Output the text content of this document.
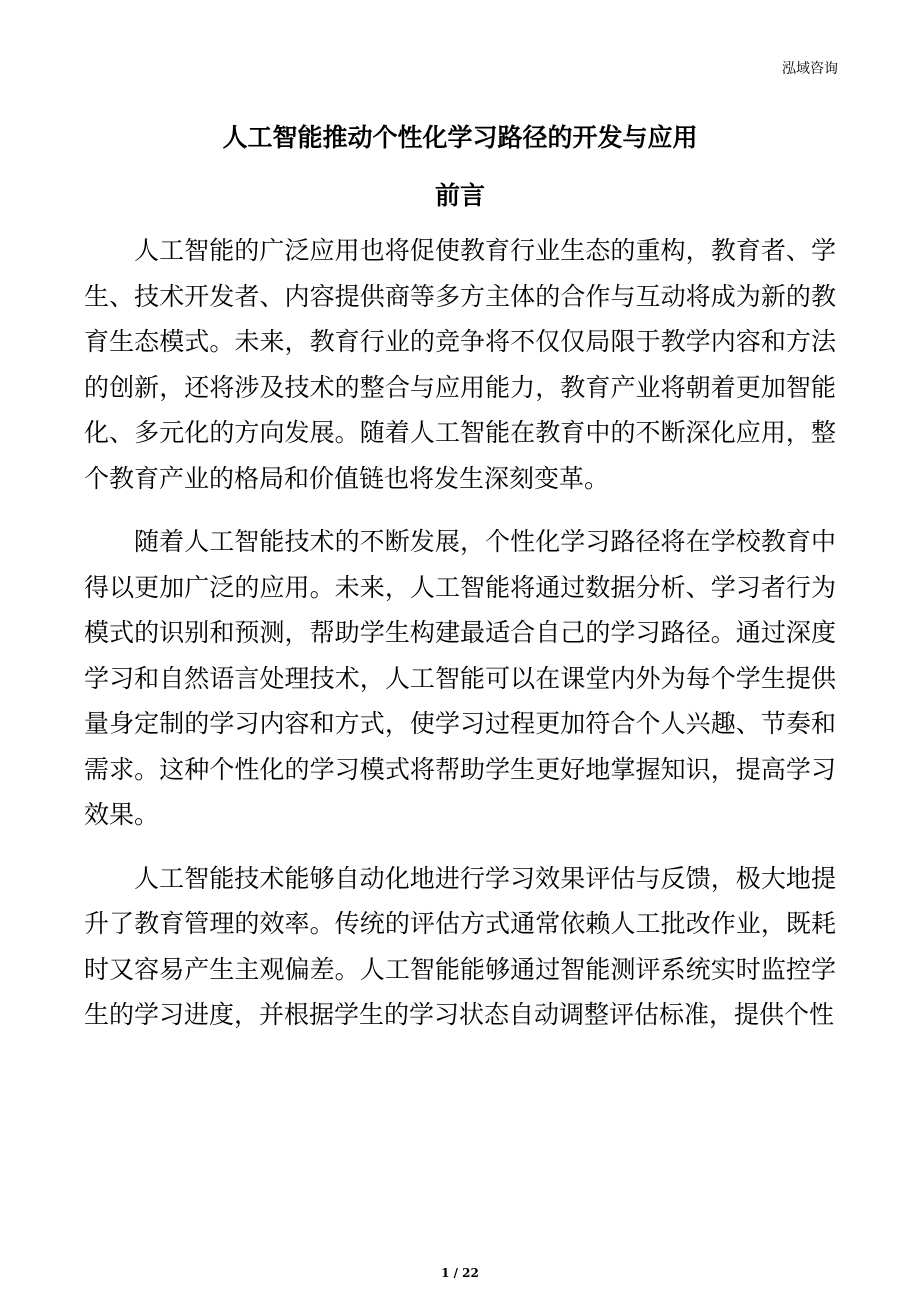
泓域咨询
人工智能推动个性化学习路径的开发与应用
前言

人工智能的广泛应用也将促使教育行业生态的重构，教育者、学生、技术开发者、内容提供商等多方主体的合作与互动将成为新的教育生态模式。未来，教育行业的竞争将不仅仅局限于教学内容和方法的创新，还将涉及技术的整合与应用能力，教育产业将朝着更加智能化、多元化的方向发展。随着人工智能在教育中的不断深化应用，整个教育产业的格局和价值链也将发生深刻变革。

随着人工智能技术的不断发展，个性化学习路径将在学校教育中得以更加广泛的应用。未来，人工智能将通过数据分析、学习者行为模式的识别和预测，帮助学生构建最适合自己的学习路径。通过深度学习和自然语言处理技术，人工智能可以在课堂内外为每个学生提供量身定制的学习内容和方式，使学习过程更加符合个人兴趣、节奏和需求。这种个性化的学习模式将帮助学生更好地掌握知识，提高学习效果。

人工智能技术能够自动化地进行学习效果评估与反馈，极大地提升了教育管理的效率。传统的评估方式通常依赖人工批改作业，既耗时又容易产生主观偏差。人工智能能够通过智能测评系统实时监控学生的学习进度，并根据学生的学习状态自动调整评估标准，提供个性

1 / 22
